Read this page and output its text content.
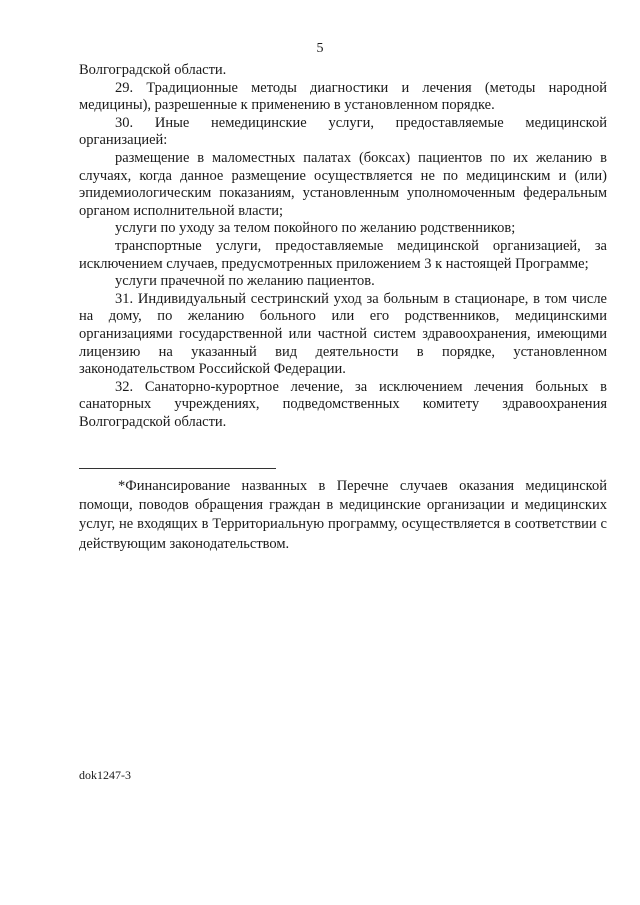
5

Волгоградской области.

29. Традиционные методы диагностики и лечения (методы народной медицины), разрешенные к применению в установленном порядке.

30. Иные немедицинские услуги, предоставляемые медицинской организацией:

размещение в маломестных палатах (боксах) пациентов по их желанию в случаях, когда данное размещение осуществляется не по медицинским и (или) эпидемиологическим показаниям, установленным уполномоченным федеральным органом исполнительной власти;

услуги по уходу за телом покойного по желанию родственников;

транспортные услуги, предоставляемые медицинской организацией, за исключением случаев, предусмотренных приложением 3 к настоящей Программе;

услуги прачечной по желанию пациентов.

31. Индивидуальный сестринский уход за больным в стационаре, в том числе на дому, по желанию больного или его родственников, медицинскими организациями государственной или частной систем здравоохранения, имеющими лицензию на указанный вид деятельности в порядке, установленном законодательством Российской Федерации.

32. Санаторно-курортное лечение, за исключением лечения больных в санаторных учреждениях, подведомственных комитету здравоохранения Волгоградской области.

*Финансирование названных в Перечне случаев оказания медицинской помощи, поводов обращения граждан в медицинские организации и медицинских услуг, не входящих в Территориальную программу, осуществляется в соответствии с действующим законодательством.

dok1247-3
